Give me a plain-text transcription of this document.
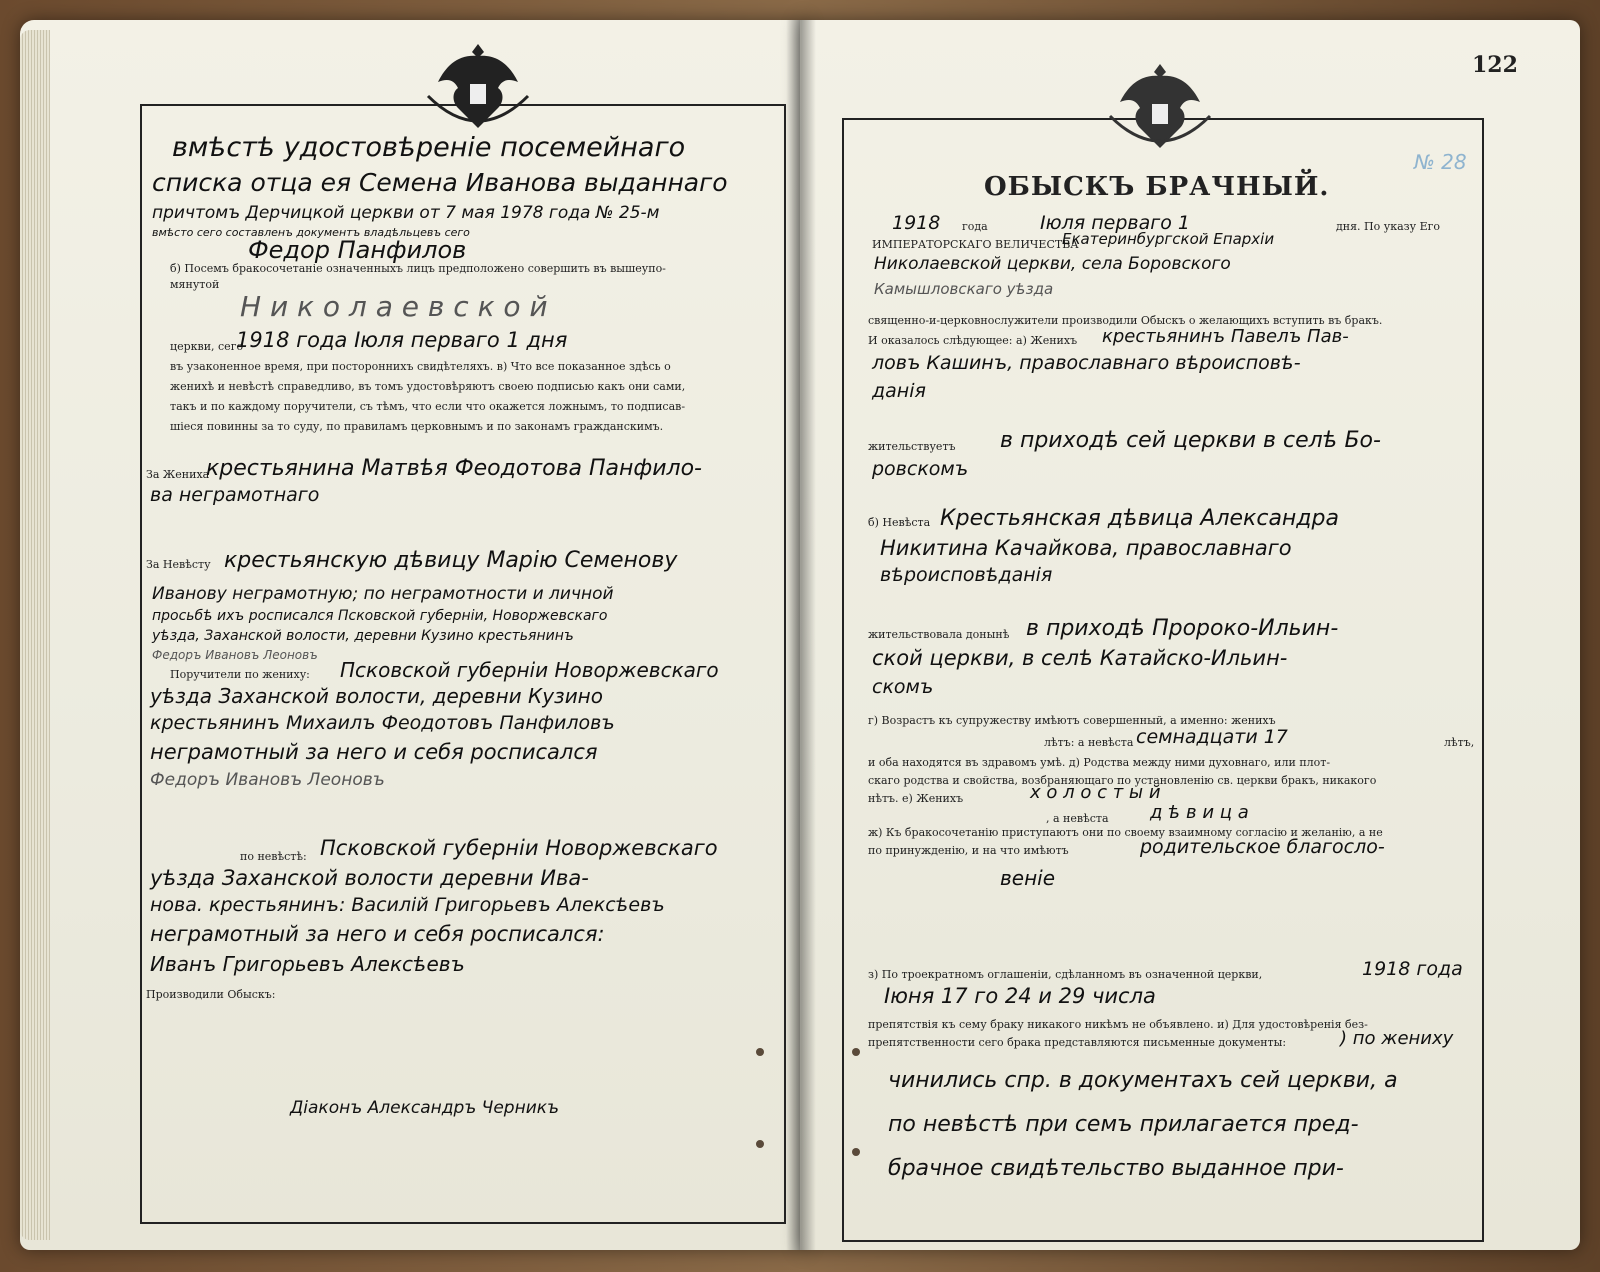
вмѣстѣ удостовѣреніе посемейнаго
списка отца ея Семена Иванова выданнаго
причтомъ Дерчицкой церкви от 7 мая 1978 года № 25-м
вмѣсто сего составленъ документъ владѣльцевъ сего
Федор Панфилов
б) Посемъ бракосочетаніе означенныхъ лицъ предположено совершить въ вышеупо-
мянутой
Н и к о л а е в с к о й
церкви, сего
1918 года Іюля перваго 1 дня
въ узаконенное время, при постороннихъ свидѣтеляхъ. в) Что все показанное здѣсь о
женихѣ и невѣстѣ справедливо, въ томъ удостовѣряютъ своею подписью какъ они сами,
такъ и по каждому поручители, съ тѣмъ, что если что окажется ложнымъ, то подписав-
шіеся повинны за то суду, по правиламъ церковнымъ и по законамъ гражданскимъ.
За Жениха
крестьянина Матвѣя Феодотова Панфило-
ва неграмотнаго
За Невѣсту крестьянскую дѣвицу Марію Семенову
Иванову неграмотную; по неграмотности и личной
просьбѣ ихъ росписался Псковской губерніи, Новоржевскаго
уѣзда, Заханской волости, деревни Кузино крестьянинъ
Федоръ Ивановъ Леоновъ
Поручители по жениху: Псковской губерніи Новоржевскаго
уѣзда Заханской волости, деревни Кузино
крестьянинъ Михаилъ Феодотовъ Панфиловъ
неграмотный за него и себя росписался
Федоръ Ивановъ Леоновъ
по невѣстѣ: Псковской губерніи Новоржевскаго
уѣзда Заханской волости деревни Ива-
нова. крестьянинъ: Василій Григорьевъ Алексѣевъ
неграмотный за него и себя росписался:
Иванъ Григорьевъ Алексѣевъ
Производили Обыскъ:
Діаконъ Александръ Черникъ
122
№ 28
ОБЫСКЪ БРАЧНЫЙ.
1918 года	Іюля перваго 1	дня. По указу Его
ИМПЕРАТОРСКАГО ВЕЛИЧЕСТВА
Екатеринбургской Епархіи
Николаевской церкви, села Боровского
Камышловскаго уѣзда
священно-и-церковнослужители производили Обыскъ о желающихъ вступить въ бракъ.
И оказалось слѣдующее: а) Женихъ крестьянинъ Павелъ Пав-
ловъ Кашинъ, православнаго вѣроисповѣ-
данія
жительствуетъ в приходѣ сей церкви в селѣ Бо-
ровскомъ
б) Невѣста Крестьянская дѣвица Александра
Никитина Качайкова, православнаго
вѣроисповѣданія
жительствовала донынѣ в приходѣ Пророко-Ильин-
ской церкви, в селѣ Катайско-Ильин-
скомъ
г) Возрастъ къ супружеству имѣютъ совершенный, а именно: женихъ
лѣтъ: а невѣста семнадцати 17	лѣтъ,
и оба находятся въ здравомъ умѣ. д) Родства между ними духовнаго, или плот-
скаго родства и свойства, возбраняющаго по установленію св. церкви бракъ, никакого
нѣтъ. е) Женихъ	х о л о с т ы й
, а невѣста д ѣ в и ц а
ж) Къ бракосочетанію приступаютъ они по своему взаимному согласію и желанію, а не
по принужденію, и на что имѣютъ	родительское благосло-
веніе
з) По троекратномъ оглашеніи, сдѣланномъ въ означенной церкви,	1918 года
Іюня 17 го 24 и 29 числа
препятствія къ сему браку никакого никѣмъ не объявлено. и) Для удостовѣренія без-
препятственности сего брака представляются письменные документы:	) по жениху
чинились спр. в документахъ сей церкви, а
по невѣстѣ при семъ прилагается пред-
брачное свидѣтельство выданное при-
